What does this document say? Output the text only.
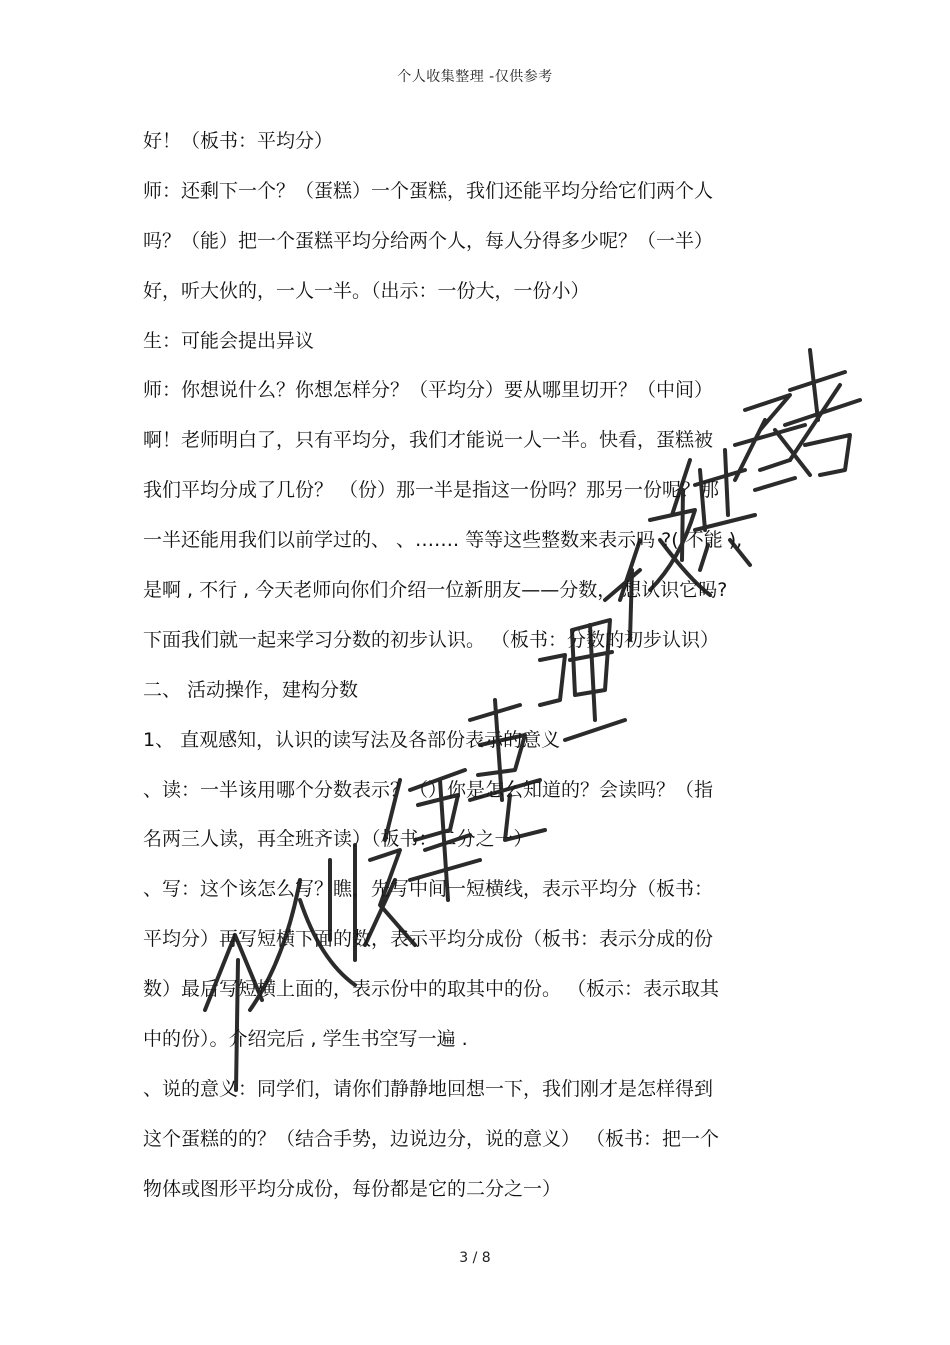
个人收集整理 -仅供参考
好！（板书：平均分）
师：还剩下一个？（蛋糕）一个蛋糕，我们还能平均分给它们两个人
吗？（能）把一个蛋糕平均分给两个人，每人分得多少呢？（一半）
好，听大伙的，一人一半。（出示：一份大，一份小）
生：可能会提出异议
师：你想说什么？你想怎样分？（平均分）要从哪里切开？（中间）
啊！老师明白了，只有平均分，我们才能说一人一半。快看，蛋糕被
我们平均分成了几份？ （份）那一半是指这一份吗？那另一份呢？那
一半还能用我们以前学过的、 、……. 等等这些整数来表示吗 ?( 不能 ),
是啊 , 不行 , 今天老师向你们介绍一位新朋友——分数， 想认识它吗?
下面我们就一起来学习分数的初步认识。 （板书：分数的初步认识）
二、 活动操作，建构分数
1、 直观感知，认识的读写法及各部份表示的意义
、读：一半该用哪个分数表示？（）你是怎么知道的？会读吗？（指
名两三人读，再全班齐读）（板书：二分之一）
、写：这个该怎么写？瞧，先写中间一短横线，表示平均分（板书：
平均分）再写短横下面的数，表示平均分成份（板书：表示分成的份
数）最后写短横上面的，表示份中的取其中的份。 （板示：表示取其
中的份）。介绍完后 , 学生书空写一遍 .
、说的意义：同学们，请你们静静地回想一下，我们刚才是怎样得到
这个蛋糕的的？（结合手势，边说边分，说的意义） （板书：把一个
物体或图形平均分成份，每份都是它的二分之一）
3 / 8
